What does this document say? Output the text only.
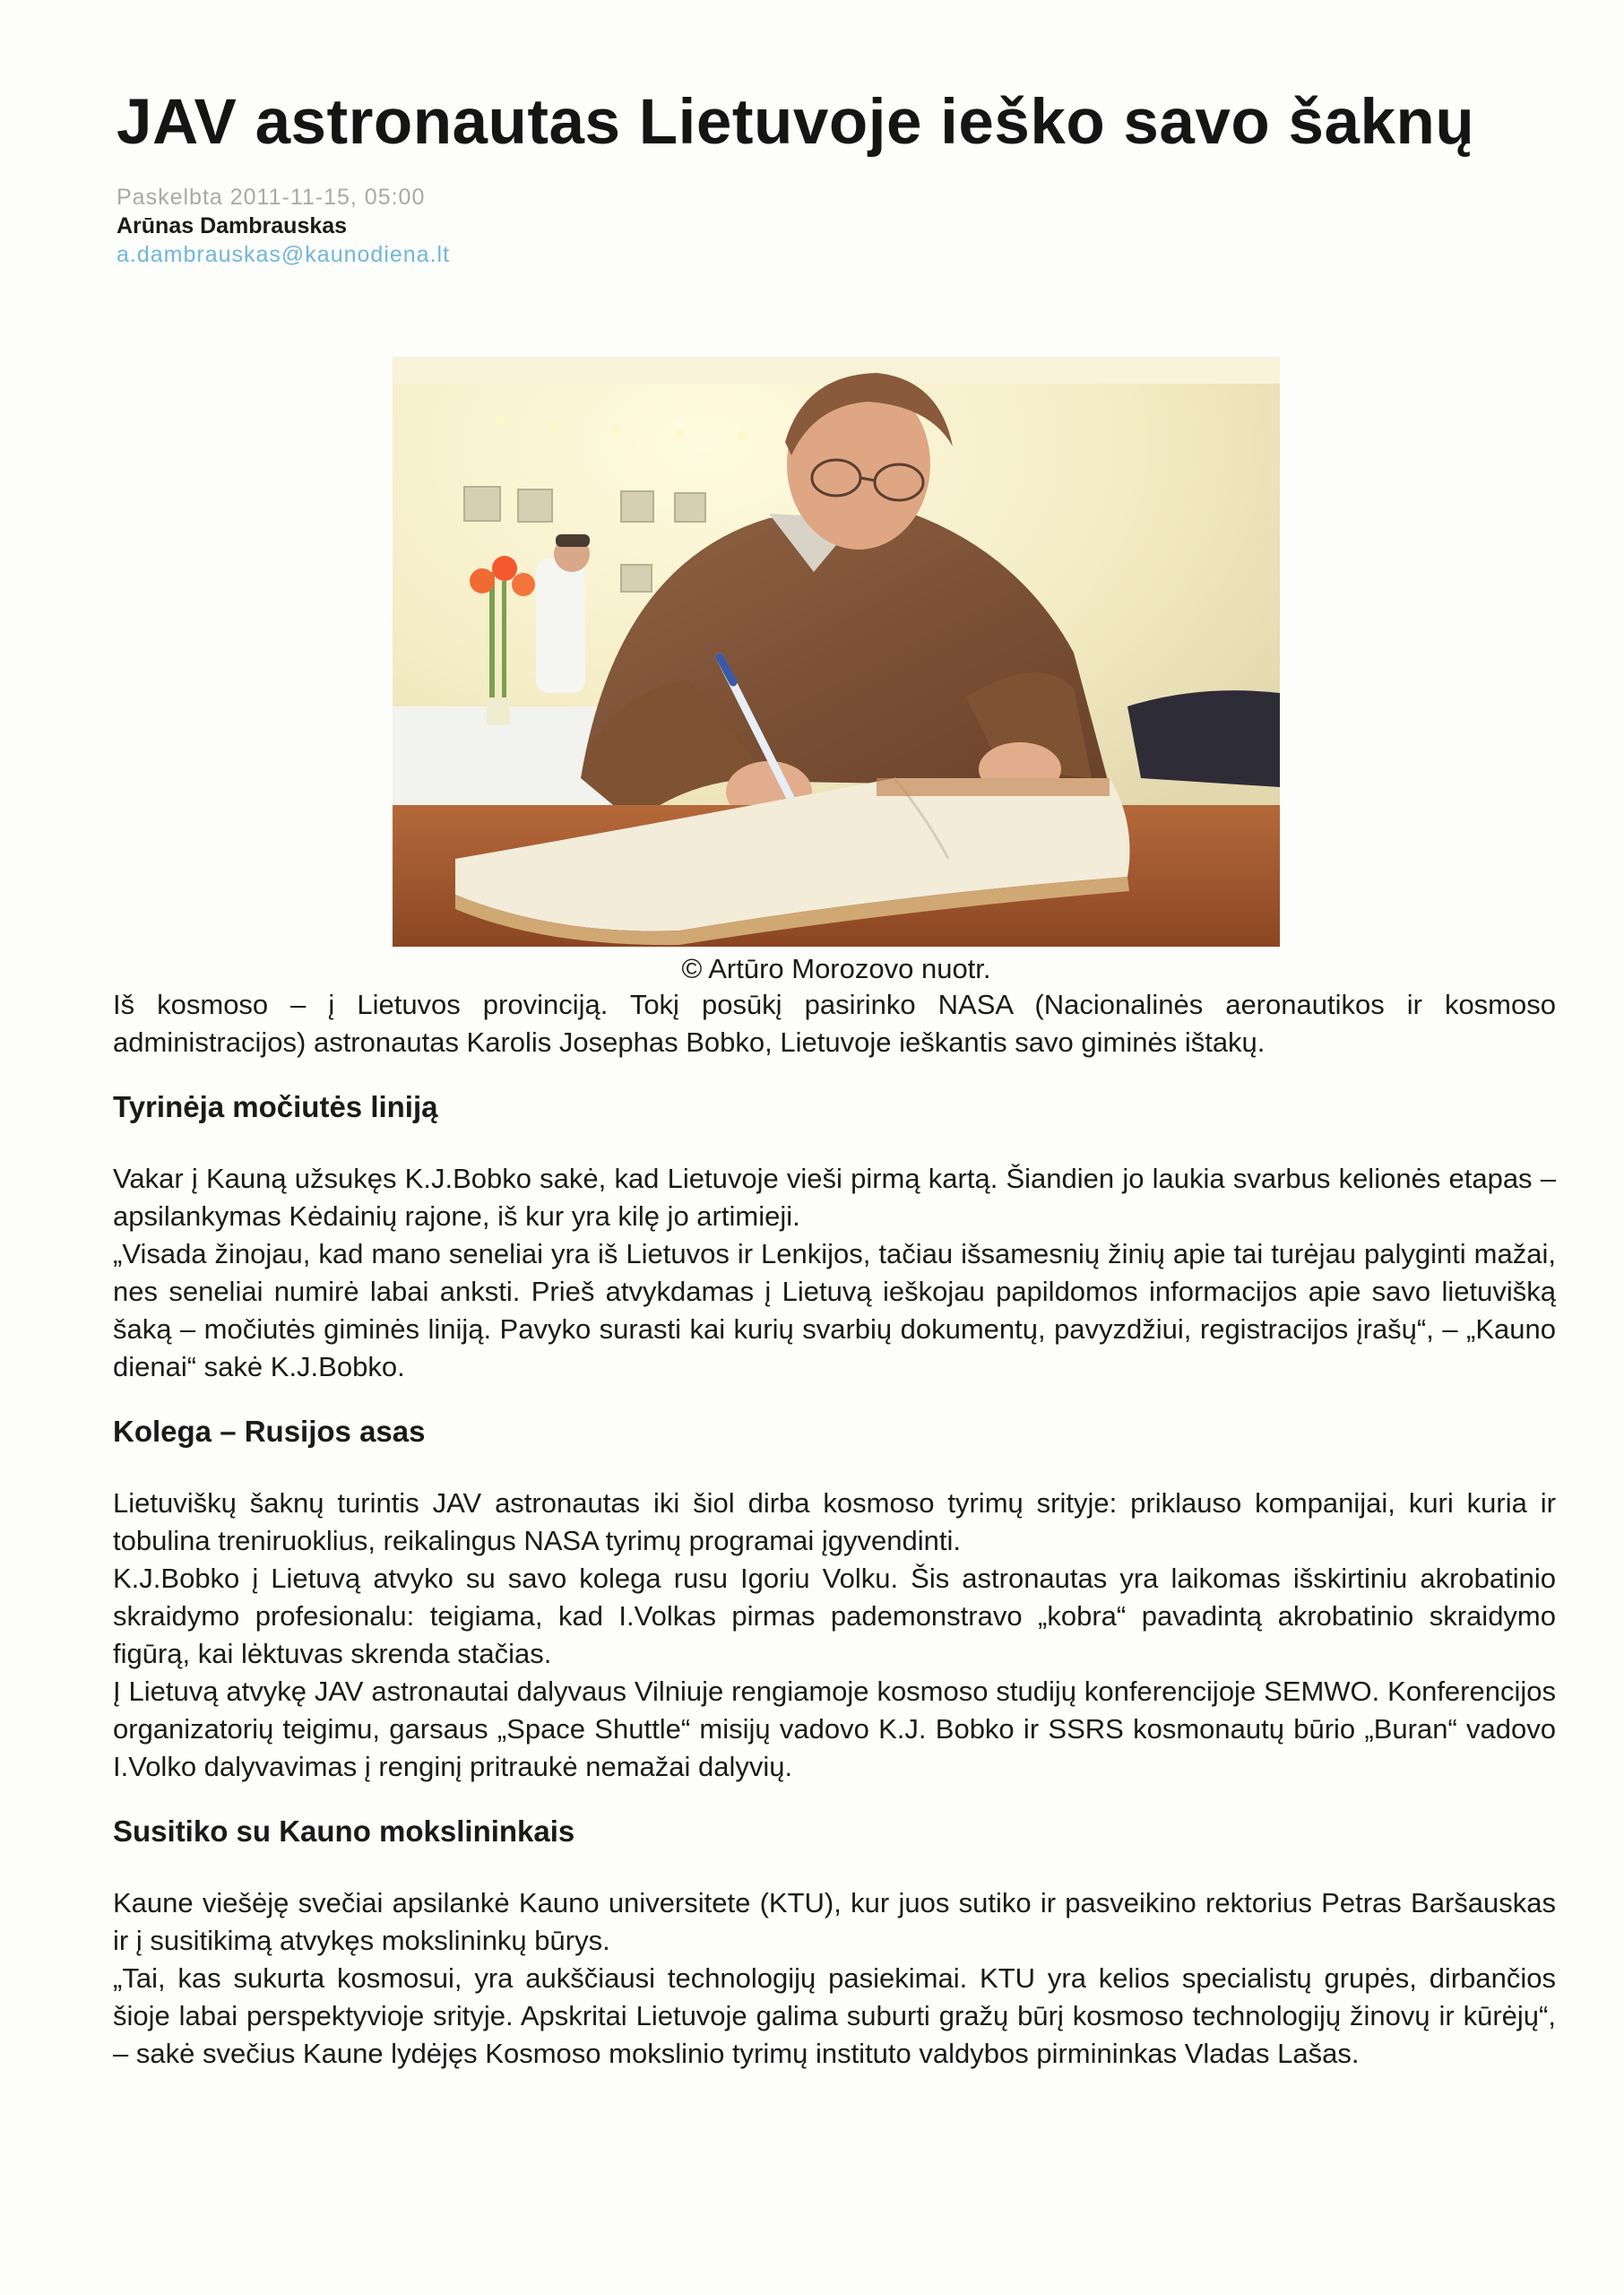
JAV astronautas Lietuvoje ieško savo šaknų
Paskelbta 2011-11-15, 05:00
Arūnas Dambrauskas
a.dambrauskas@kaunodiena.lt
© Artūro Morozovo nuotr.

Iš kosmoso – į Lietuvos provinciją. Tokį posūkį pasirinko NASA (Nacionalinės aeronautikos ir kosmoso administracijos) astronautas Karolis Josephas Bobko, Lietuvoje ieškantis savo giminės ištakų.

Tyrinėja močiutės liniją

Vakar į Kauną užsukęs K.J.Bobko sakė, kad Lietuvoje vieši pirmą kartą. Šiandien jo laukia svarbus kelionės etapas – apsilankymas Kėdainių rajone, iš kur yra kilę jo artimieji.

„Visada žinojau, kad mano seneliai yra iš Lietuvos ir Lenkijos, tačiau išsamesnių žinių apie tai turėjau palyginti mažai, nes seneliai numirė labai anksti. Prieš atvykdamas į Lietuvą ieškojau papildomos informacijos apie savo lietuvišką šaką – močiutės giminės liniją. Pavyko surasti kai kurių svarbių dokumentų, pavyzdžiui, registracijos įrašų“, – „Kauno dienai“ sakė K.J.Bobko.

Kolega – Rusijos asas

Lietuviškų šaknų turintis JAV astronautas iki šiol dirba kosmoso tyrimų srityje: priklauso kompanijai, kuri kuria ir tobulina treniruoklius, reikalingus NASA tyrimų programai įgyvendinti.

K.J.Bobko į Lietuvą atvyko su savo kolega rusu Igoriu Volku. Šis astronautas yra laikomas išskirtiniu akrobatinio skraidymo profesionalu: teigiama, kad I.Volkas pirmas pademonstravo „kobra“ pavadintą akrobatinio skraidymo figūrą, kai lėktuvas skrenda stačias.

Į Lietuvą atvykę JAV astronautai dalyvaus Vilniuje rengiamoje kosmoso studijų konferencijoje SEMWO. Konferencijos organizatorių teigimu, garsaus „Space Shuttle“ misijų vadovo K.J. Bobko ir SSRS kosmonautų būrio „Buran“ vadovo I.Volko dalyvavimas į renginį pritraukė nemažai dalyvių.

Susitiko su Kauno mokslininkais

Kaune viešėję svečiai apsilankė Kauno universitete (KTU), kur juos sutiko ir pasveikino rektorius Petras Baršauskas ir į susitikimą atvykęs mokslininkų būrys.

„Tai, kas sukurta kosmosui, yra aukščiausi technologijų pasiekimai. KTU yra kelios specialistų grupės, dirbančios šioje labai perspektyvioje srityje. Apskritai Lietuvoje galima suburti gražų būrį kosmoso technologijų žinovų ir kūrėjų“, – sakė svečius Kaune lydėjęs Kosmoso mokslinio tyrimų instituto valdybos pirmininkas Vladas Lašas.
